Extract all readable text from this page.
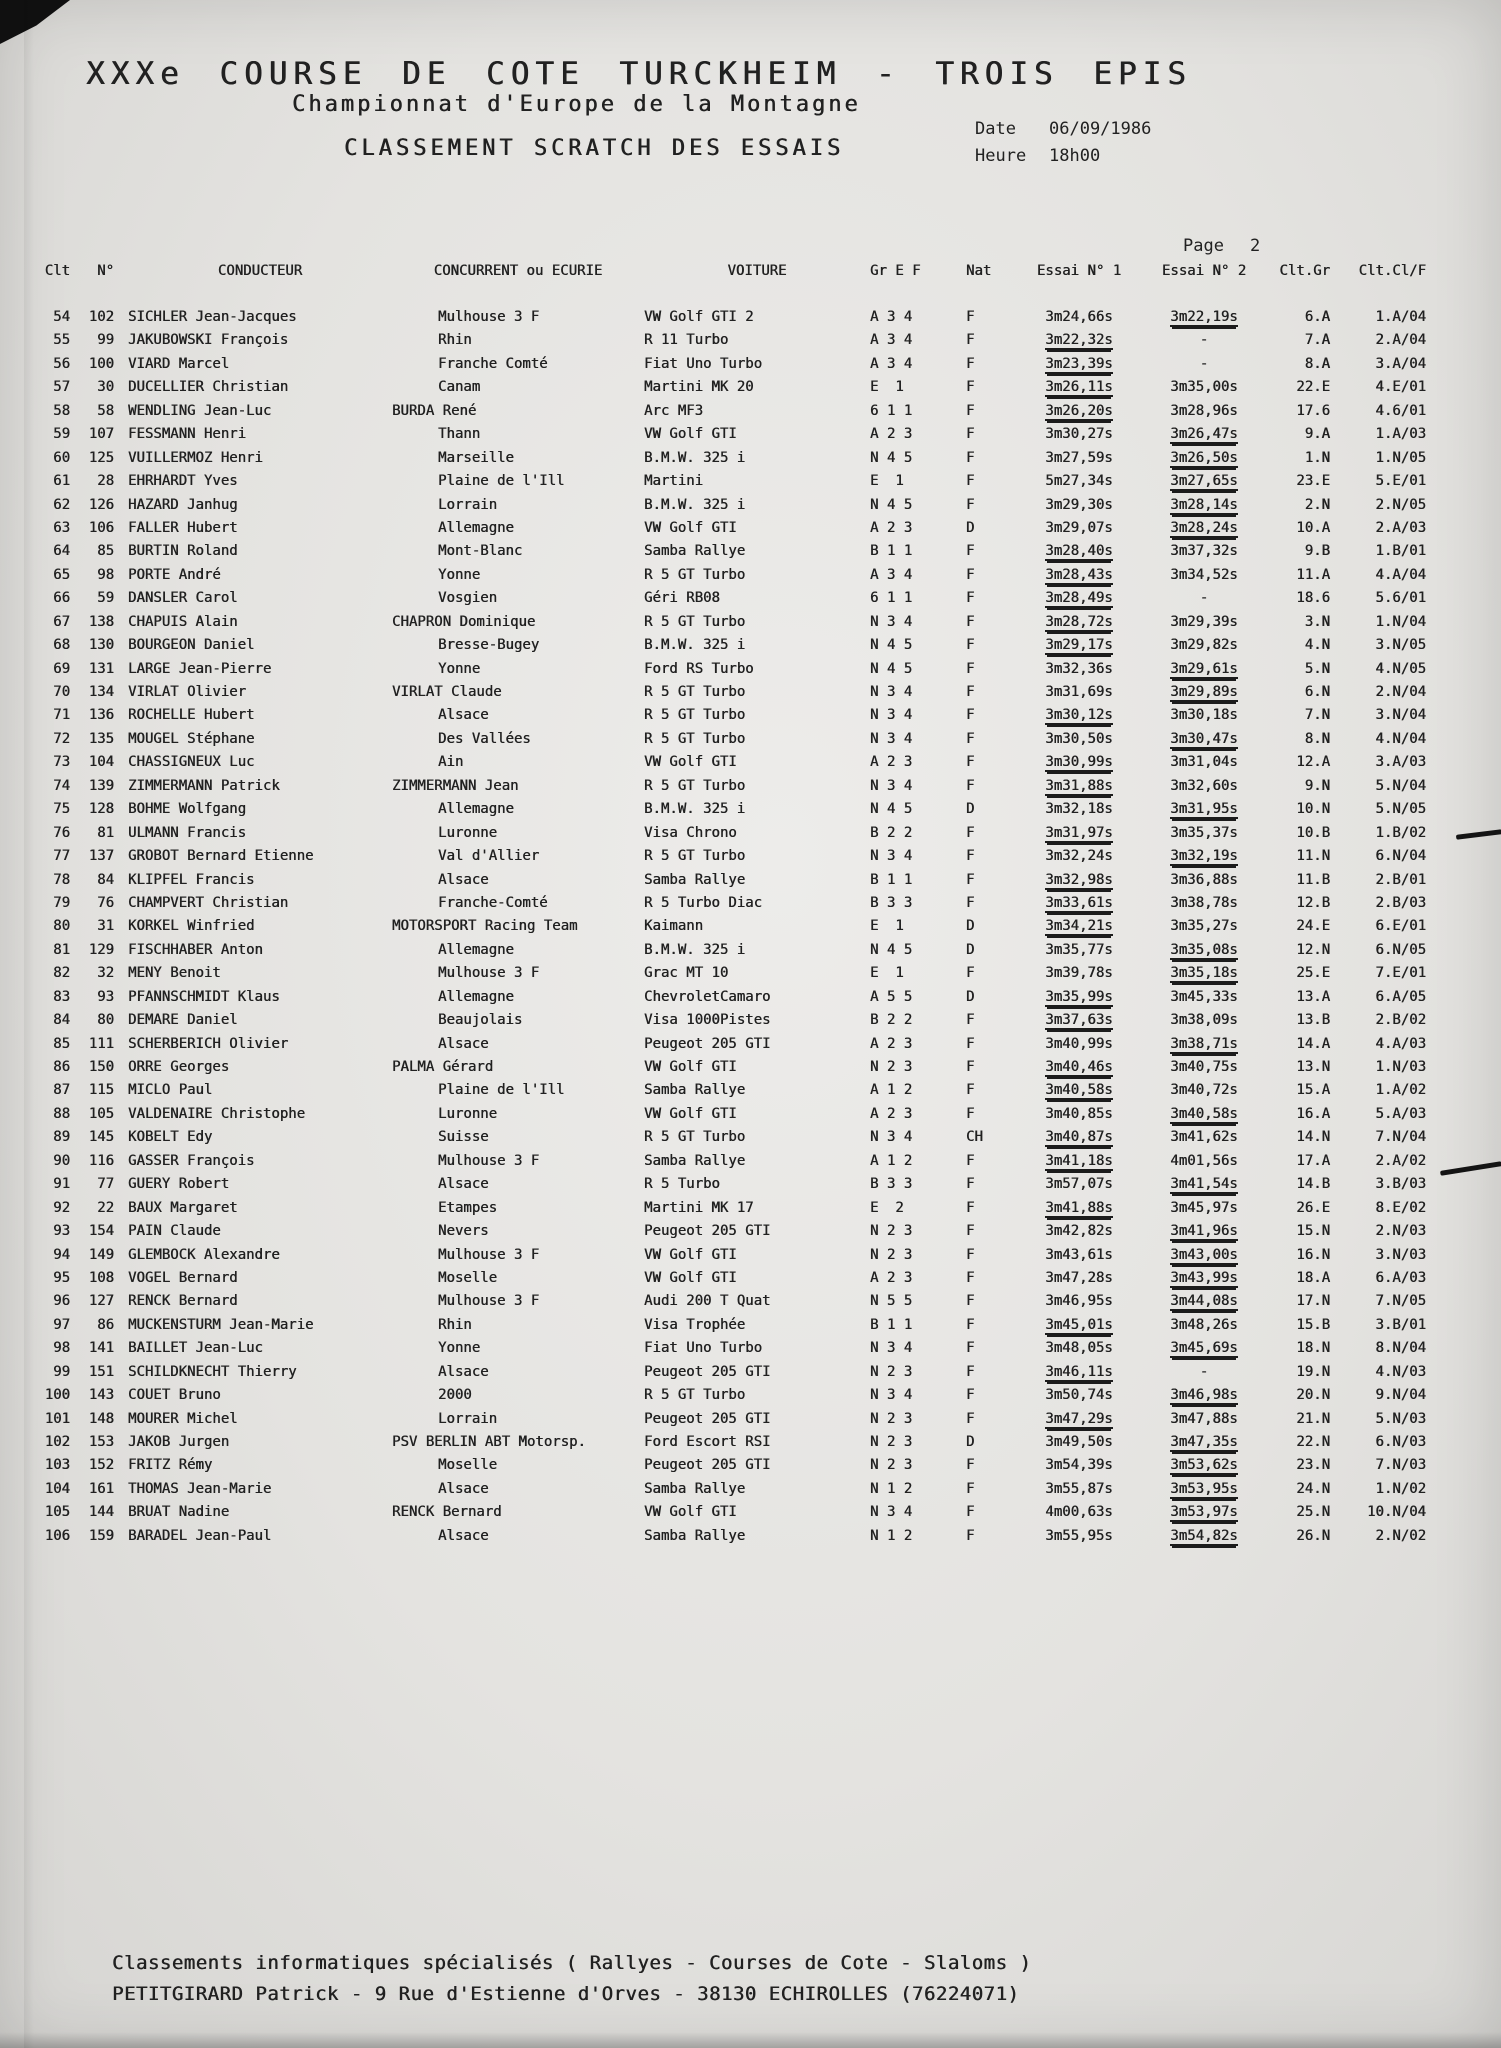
XXXe COURSE DE COTE TURCKHEIM - TROIS EPIS
Championnat d'Europe de la Montagne
CLASSEMENT SCRATCH DES ESSAIS
Date	06/09/1986
Heure	18h00
Page 2
Clt	N°	CONDUCTEUR	CONCURRENT ou ECURIE	VOITURE	Gr E F	Nat	Essai N° 1	Essai N° 2	Clt.Gr	Clt.Cl/F
54	102	SICHLER Jean-Jacques	Mulhouse 3 F	VW Golf GTI 2	A 3 4	F	3m24,66s	3m22,19s	6.A	1.A/04
55	99	JAKUBOWSKI François	Rhin	R 11 Turbo	A 3 4	F	3m22,32s	-	7.A	2.A/04
56	100	VIARD Marcel	Franche Comté	Fiat Uno Turbo	A 3 4	F	3m23,39s	-	8.A	3.A/04
57	30	DUCELLIER Christian	Canam	Martini MK 20	E  1	F	3m26,11s	3m35,00s	22.E	4.E/01
58	58	WENDLING Jean-Luc	BURDA René	Arc MF3	6 1 1	F	3m26,20s	3m28,96s	17.6	4.6/01
59	107	FESSMANN Henri	Thann	VW Golf GTI	A 2 3	F	3m30,27s	3m26,47s	9.A	1.A/03
60	125	VUILLERMOZ Henri	Marseille	B.M.W. 325 i	N 4 5	F	3m27,59s	3m26,50s	1.N	1.N/05
61	28	EHRHARDT Yves	Plaine de l'Ill	Martini	E  1	F	5m27,34s	3m27,65s	23.E	5.E/01
62	126	HAZARD Janhug	Lorrain	B.M.W. 325 i	N 4 5	F	3m29,30s	3m28,14s	2.N	2.N/05
63	106	FALLER Hubert	Allemagne	VW Golf GTI	A 2 3	D	3m29,07s	3m28,24s	10.A	2.A/03
64	85	BURTIN Roland	Mont-Blanc	Samba Rallye	B 1 1	F	3m28,40s	3m37,32s	9.B	1.B/01
65	98	PORTE André	Yonne	R 5 GT Turbo	A 3 4	F	3m28,43s	3m34,52s	11.A	4.A/04
66	59	DANSLER Carol	Vosgien	Géri RB08	6 1 1	F	3m28,49s	-	18.6	5.6/01
67	138	CHAPUIS Alain	CHAPRON Dominique	R 5 GT Turbo	N 3 4	F	3m28,72s	3m29,39s	3.N	1.N/04
68	130	BOURGEON Daniel	Bresse-Bugey	B.M.W. 325 i	N 4 5	F	3m29,17s	3m29,82s	4.N	3.N/05
69	131	LARGE Jean-Pierre	Yonne	Ford RS Turbo	N 4 5	F	3m32,36s	3m29,61s	5.N	4.N/05
70	134	VIRLAT Olivier	VIRLAT Claude	R 5 GT Turbo	N 3 4	F	3m31,69s	3m29,89s	6.N	2.N/04
71	136	ROCHELLE Hubert	Alsace	R 5 GT Turbo	N 3 4	F	3m30,12s	3m30,18s	7.N	3.N/04
72	135	MOUGEL Stéphane	Des Vallées	R 5 GT Turbo	N 3 4	F	3m30,50s	3m30,47s	8.N	4.N/04
73	104	CHASSIGNEUX Luc	Ain	VW Golf GTI	A 2 3	F	3m30,99s	3m31,04s	12.A	3.A/03
74	139	ZIMMERMANN Patrick	ZIMMERMANN Jean	R 5 GT Turbo	N 3 4	F	3m31,88s	3m32,60s	9.N	5.N/04
75	128	BOHME Wolfgang	Allemagne	B.M.W. 325 i	N 4 5	D	3m32,18s	3m31,95s	10.N	5.N/05
76	81	ULMANN Francis	Luronne	Visa Chrono	B 2 2	F	3m31,97s	3m35,37s	10.B	1.B/02
77	137	GROBOT Bernard Etienne	Val d'Allier	R 5 GT Turbo	N 3 4	F	3m32,24s	3m32,19s	11.N	6.N/04
78	84	KLIPFEL Francis	Alsace	Samba Rallye	B 1 1	F	3m32,98s	3m36,88s	11.B	2.B/01
79	76	CHAMPVERT Christian	Franche-Comté	R 5 Turbo Diac	B 3 3	F	3m33,61s	3m38,78s	12.B	2.B/03
80	31	KORKEL Winfried	MOTORSPORT Racing Team	Kaimann	E  1	D	3m34,21s	3m35,27s	24.E	6.E/01
81	129	FISCHHABER Anton	Allemagne	B.M.W. 325 i	N 4 5	D	3m35,77s	3m35,08s	12.N	6.N/05
82	32	MENY Benoit	Mulhouse 3 F	Grac MT 10	E  1	F	3m39,78s	3m35,18s	25.E	7.E/01
83	93	PFANNSCHMIDT Klaus	Allemagne	ChevroletCamaro	A 5 5	D	3m35,99s	3m45,33s	13.A	6.A/05
84	80	DEMARE Daniel	Beaujolais	Visa 1000Pistes	B 2 2	F	3m37,63s	3m38,09s	13.B	2.B/02
85	111	SCHERBERICH Olivier	Alsace	Peugeot 205 GTI	A 2 3	F	3m40,99s	3m38,71s	14.A	4.A/03
86	150	ORRE Georges	PALMA Gérard	VW Golf GTI	N 2 3	F	3m40,46s	3m40,75s	13.N	1.N/03
87	115	MICLO Paul	Plaine de l'Ill	Samba Rallye	A 1 2	F	3m40,58s	3m40,72s	15.A	1.A/02
88	105	VALDENAIRE Christophe	Luronne	VW Golf GTI	A 2 3	F	3m40,85s	3m40,58s	16.A	5.A/03
89	145	KOBELT Edy	Suisse	R 5 GT Turbo	N 3 4	CH	3m40,87s	3m41,62s	14.N	7.N/04
90	116	GASSER François	Mulhouse 3 F	Samba Rallye	A 1 2	F	3m41,18s	4m01,56s	17.A	2.A/02
91	77	GUERY Robert	Alsace	R 5 Turbo	B 3 3	F	3m57,07s	3m41,54s	14.B	3.B/03
92	22	BAUX Margaret	Etampes	Martini MK 17	E  2	F	3m41,88s	3m45,97s	26.E	8.E/02
93	154	PAIN Claude	Nevers	Peugeot 205 GTI	N 2 3	F	3m42,82s	3m41,96s	15.N	2.N/03
94	149	GLEMBOCK Alexandre	Mulhouse 3 F	VW Golf GTI	N 2 3	F	3m43,61s	3m43,00s	16.N	3.N/03
95	108	VOGEL Bernard	Moselle	VW Golf GTI	A 2 3	F	3m47,28s	3m43,99s	18.A	6.A/03
96	127	RENCK Bernard	Mulhouse 3 F	Audi 200 T Quat	N 5 5	F	3m46,95s	3m44,08s	17.N	7.N/05
97	86	MUCKENSTURM Jean-Marie	Rhin	Visa Trophée	B 1 1	F	3m45,01s	3m48,26s	15.B	3.B/01
98	141	BAILLET Jean-Luc	Yonne	Fiat Uno Turbo	N 3 4	F	3m48,05s	3m45,69s	18.N	8.N/04
99	151	SCHILDKNECHT Thierry	Alsace	Peugeot 205 GTI	N 2 3	F	3m46,11s	-	19.N	4.N/03
100	143	COUET Bruno	2000	R 5 GT Turbo	N 3 4	F	3m50,74s	3m46,98s	20.N	9.N/04
101	148	MOURER Michel	Lorrain	Peugeot 205 GTI	N 2 3	F	3m47,29s	3m47,88s	21.N	5.N/03
102	153	JAKOB Jurgen	PSV BERLIN ABT Motorsp.	Ford Escort RSI	N 2 3	D	3m49,50s	3m47,35s	22.N	6.N/03
103	152	FRITZ Rémy	Moselle	Peugeot 205 GTI	N 2 3	F	3m54,39s	3m53,62s	23.N	7.N/03
104	161	THOMAS Jean-Marie	Alsace	Samba Rallye	N 1 2	F	3m55,87s	3m53,95s	24.N	1.N/02
105	144	BRUAT Nadine	RENCK Bernard	VW Golf GTI	N 3 4	F	4m00,63s	3m53,97s	25.N	10.N/04
106	159	BARADEL Jean-Paul	Alsace	Samba Rallye	N 1 2	F	3m55,95s	3m54,82s	26.N	2.N/02
Classements informatiques spécialisés ( Rallyes - Courses de Cote - Slaloms )
PETITGIRARD Patrick - 9 Rue d'Estienne d'Orves - 38130 ECHIROLLES (76224071)
